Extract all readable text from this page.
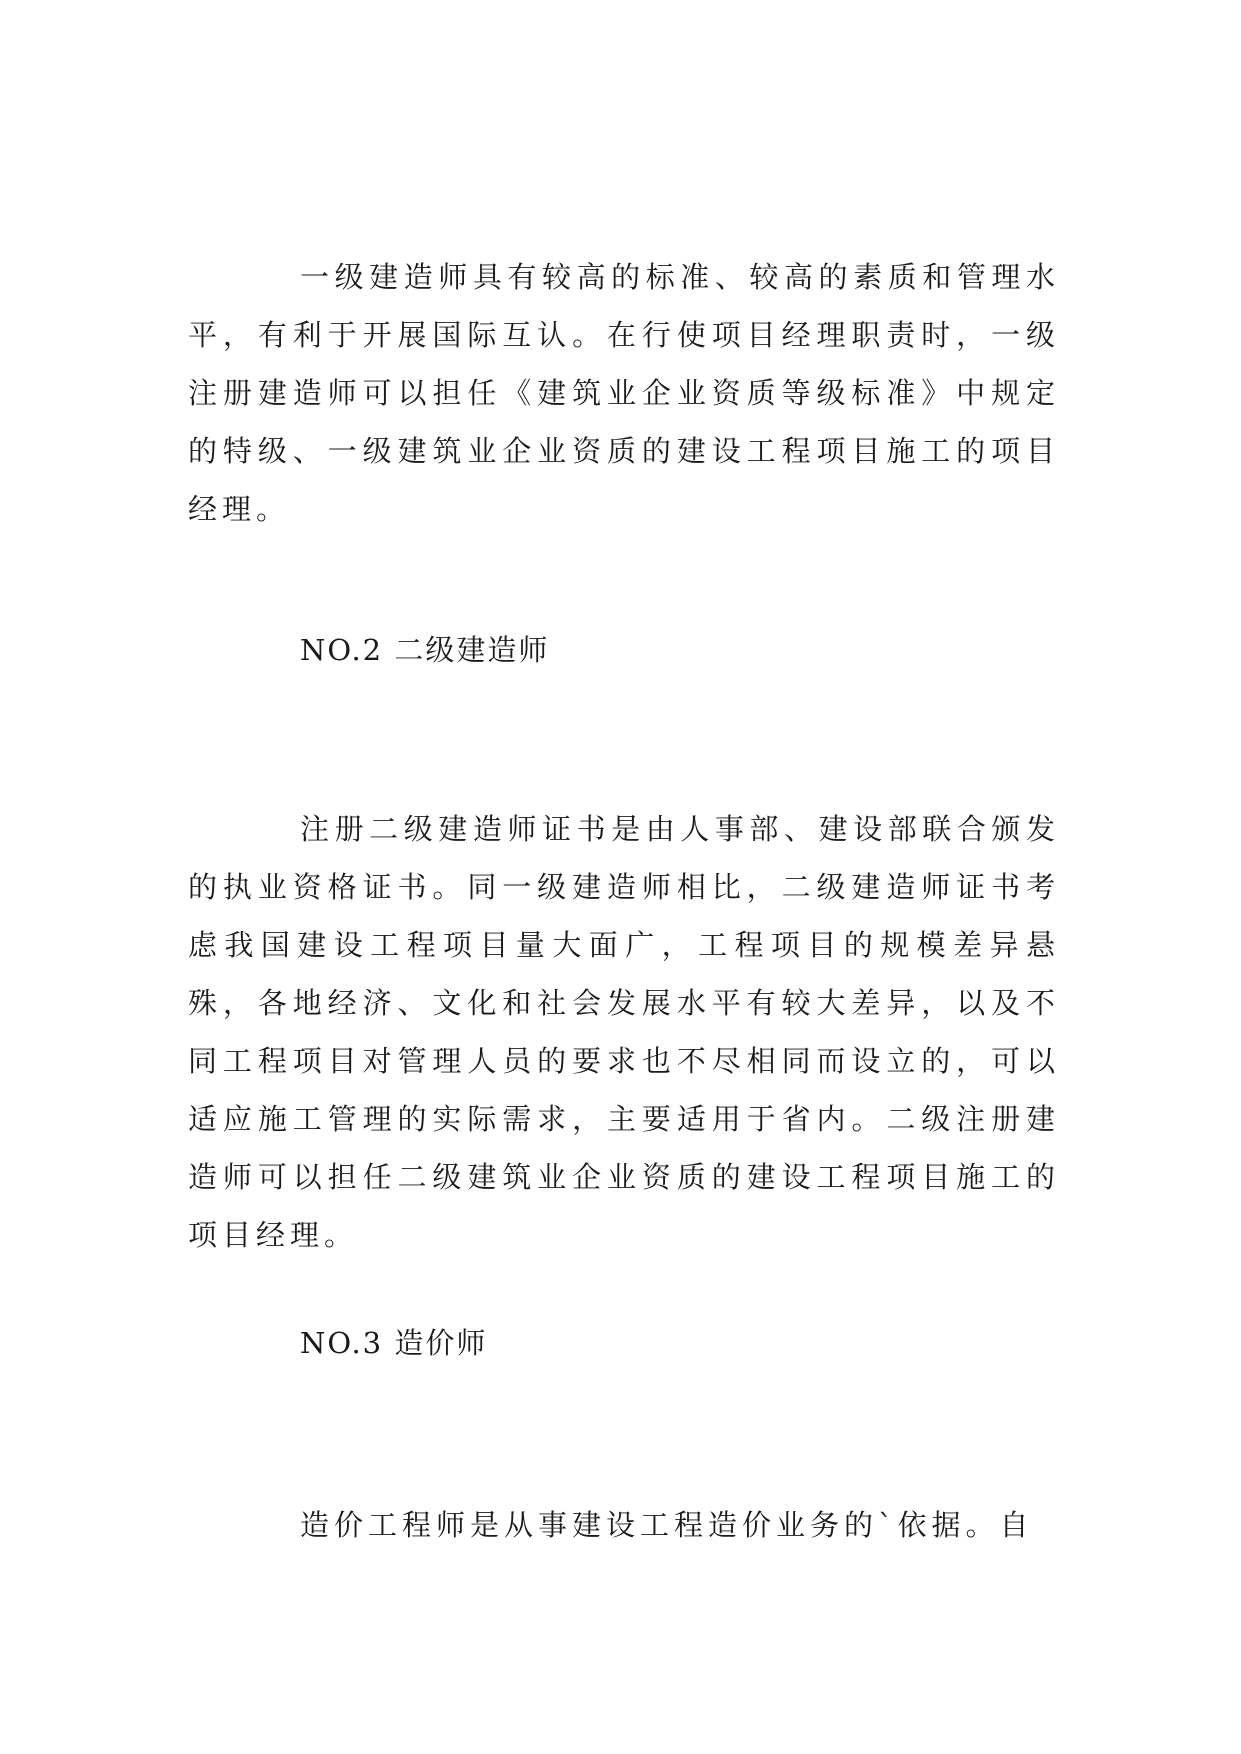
一级建造师具有较高的标准、较高的素质和管理水平，有利于开展国际互认。在行使项目经理职责时，一级注册建造师可以担任《建筑业企业资质等级标准》中规定的特级、一级建筑业企业资质的建设工程项目施工的项目经理。

NO.2 二级建造师

注册二级建造师证书是由人事部、建设部联合颁发的执业资格证书。同一级建造师相比，二级建造师证书考虑我国建设工程项目量大面广，工程项目的规模差异悬殊，各地经济、文化和社会发展水平有较大差异，以及不同工程项目对管理人员的要求也不尽相同而设立的，可以适应施工管理的实际需求，主要适用于省内。二级注册建造师可以担任二级建筑业企业资质的建设工程项目施工的项目经理。

NO.3 造价师

造价工程师是从事建设工程造价业务的`依据。自
